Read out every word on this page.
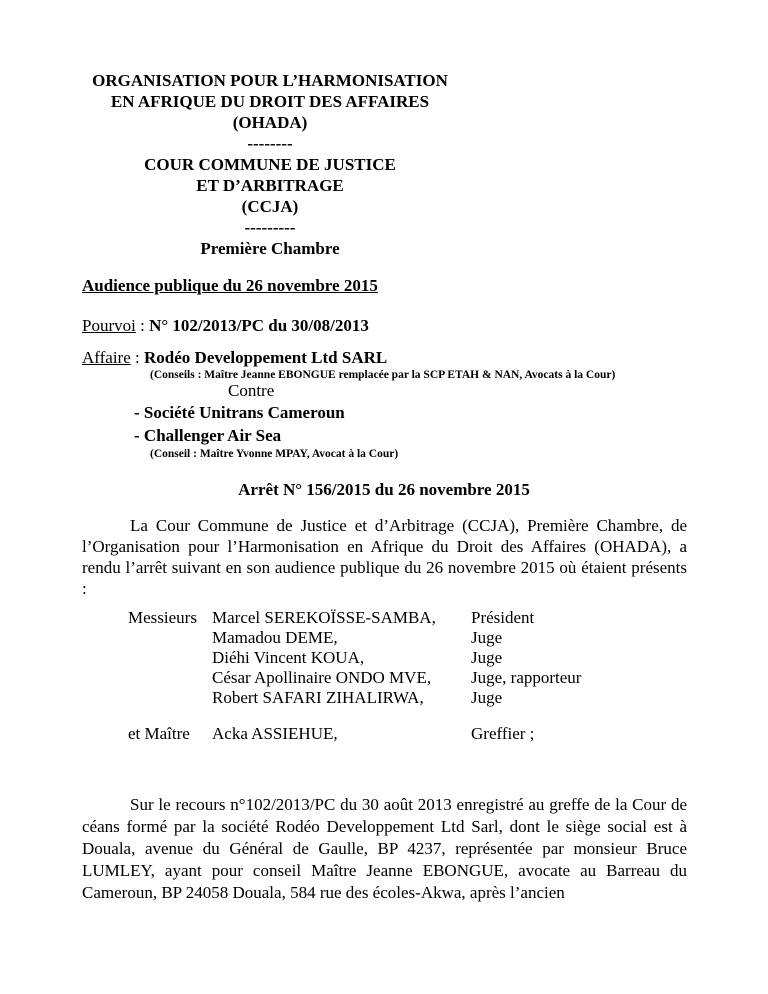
ORGANISATION POUR L’HARMONISATION
EN AFRIQUE DU DROIT DES AFFAIRES
(OHADA)
--------
COUR COMMUNE DE JUSTICE
ET D’ARBITRAGE
(CCJA)
---------
Première Chambre
Audience publique du 26 novembre 2015
Pourvoi : N° 102/2013/PC du 30/08/2013
Affaire : Rodéo Developpement Ltd SARL
(Conseils : Maître Jeanne EBONGUE remplacée par la SCP ETAH & NAN, Avocats à la Cour)
Contre
- Société Unitrans Cameroun
- Challenger Air Sea
(Conseil : Maître Yvonne MPAY, Avocat à la Cour)
Arrêt N° 156/2015 du 26 novembre 2015
La Cour Commune de Justice et d’Arbitrage (CCJA), Première Chambre, de l’Organisation pour l’Harmonisation en Afrique du Droit des Affaires (OHADA), a rendu l’arrêt suivant en son audience publique du 26 novembre 2015 où étaient présents :
Messieurs Marcel SEREKOÏSSE-SAMBA,
Mamadou DEME,
Diéhi Vincent KOUA,
César Apollinaire ONDO MVE,
Robert SAFARI ZIHALIRWA,
Président
Juge
Juge
Juge, rapporteur
Juge
et Maître Acka ASSIEHUE,	Greffier ;
Sur le recours n°102/2013/PC du 30 août 2013 enregistré au greffe de la Cour de céans formé par la société Rodéo Developpement Ltd Sarl, dont le siège social est à Douala, avenue du Général de Gaulle, BP 4237, représentée par monsieur Bruce LUMLEY, ayant pour conseil Maître Jeanne EBONGUE, avocate au Barreau du Cameroun, BP 24058 Douala, 584 rue des écoles-Akwa, après l’ancien
